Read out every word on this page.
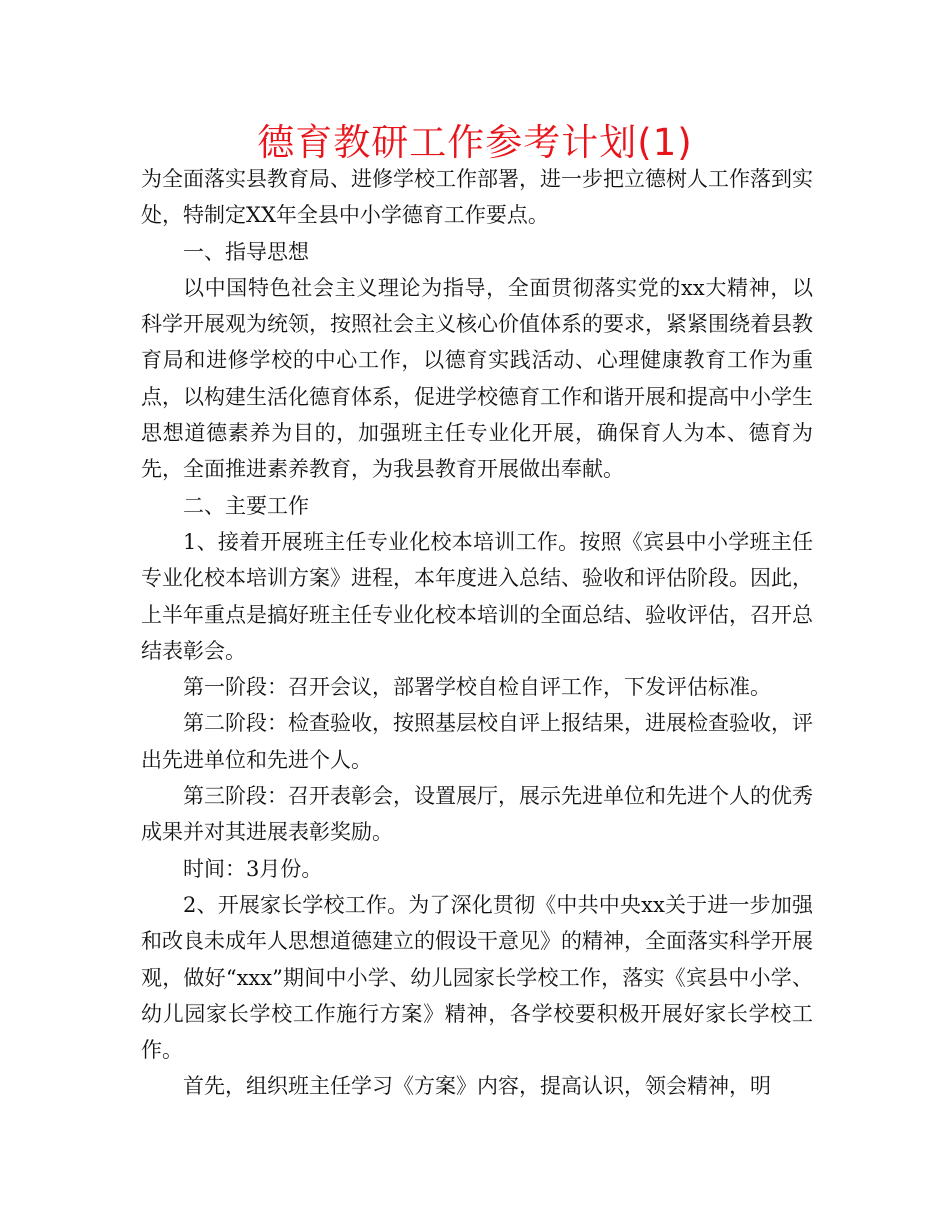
德育教研工作参考计划(1)

为全面落实县教育局、进修学校工作部署，进一步把立德树人工作落到实处，特制定XX年全县中小学德育工作要点。

一、指导思想

以中国特色社会主义理论为指导，全面贯彻落实党的xx大精神，以科学开展观为统领，按照社会主义核心价值体系的要求，紧紧围绕着县教育局和进修学校的中心工作，以德育实践活动、心理健康教育工作为重点，以构建生活化德育体系，促进学校德育工作和谐开展和提高中小学生思想道德素养为目的，加强班主任专业化开展，确保育人为本、德育为先，全面推进素养教育，为我县教育开展做出奉献。

二、主要工作

1、接着开展班主任专业化校本培训工作。按照《宾县中小学班主任专业化校本培训方案》进程，本年度进入总结、验收和评估阶段。因此，上半年重点是搞好班主任专业化校本培训的全面总结、验收评估，召开总结表彰会。

第一阶段：召开会议，部署学校自检自评工作，下发评估标准。

第二阶段：检查验收，按照基层校自评上报结果，进展检查验收，评出先进单位和先进个人。

第三阶段：召开表彰会，设置展厅，展示先进单位和先进个人的优秀成果并对其进展表彰奖励。

时间：3月份。

2、开展家长学校工作。为了深化贯彻《中共中央xx关于进一步加强和改良未成年人思想道德建立的假设干意见》的精神，全面落实科学开展观，做好“xxx”期间中小学、幼儿园家长学校工作，落实《宾县中小学、幼儿园家长学校工作施行方案》精神，各学校要积极开展好家长学校工作。

首先，组织班主任学习《方案》内容，提高认识，领会精神，明
